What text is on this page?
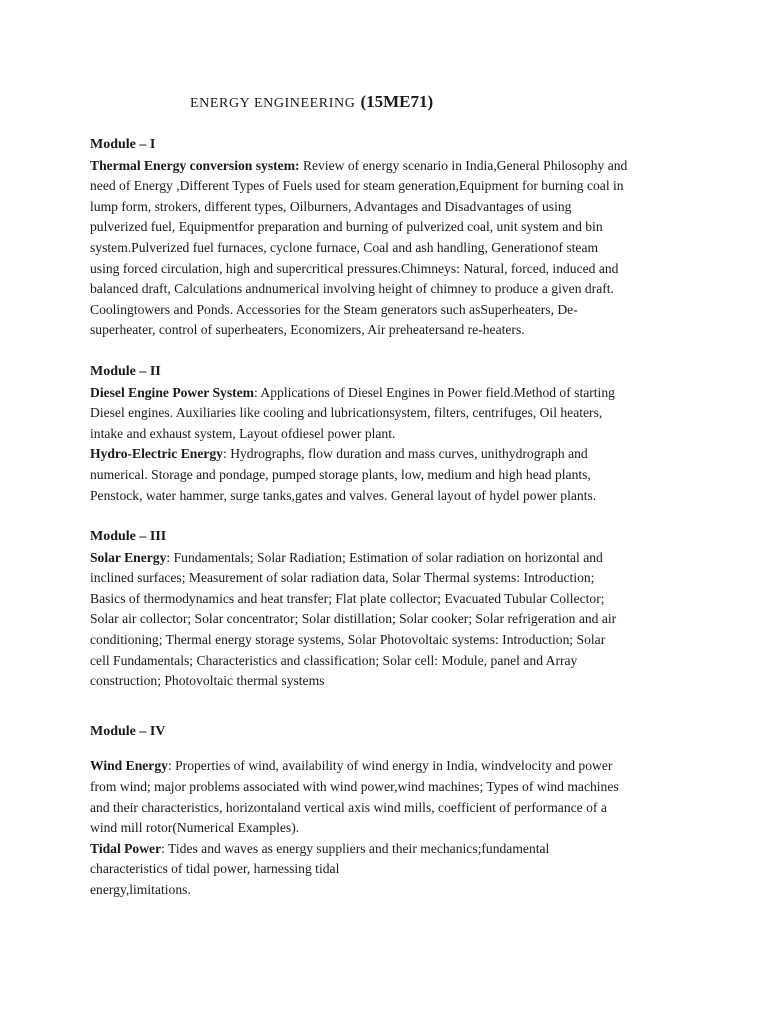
ENERGY ENGINEERING (15ME71)

Module – I

Thermal Energy conversion system: Review of energy scenario in India,General Philosophy and
need of Energy ,Different Types of Fuels used for steam generation,Equipment for burning coal in
lump form, strokers, different types, Oilburners, Advantages and Disadvantages of using
pulverized fuel, Equipmentfor preparation and burning of pulverized coal, unit system and bin
system.Pulverized fuel furnaces, cyclone furnace, Coal and ash handling, Generationof steam
using forced circulation, high and supercritical pressures.Chimneys: Natural, forced, induced and
balanced draft, Calculations andnumerical involving height of chimney to produce a given draft.
Coolingtowers and Ponds. Accessories for the Steam generators such asSuperheaters, De-
superheater, control of superheaters, Economizers, Air preheatersand re-heaters.

Module – II

Diesel Engine Power System: Applications of Diesel Engines in Power field.Method of starting
Diesel engines. Auxiliaries like cooling and lubricationsystem, filters, centrifuges, Oil heaters,
intake and exhaust system, Layout ofdiesel power plant.
Hydro-Electric Energy: Hydrographs, flow duration and mass curves, unithydrograph and
numerical. Storage and pondage, pumped storage plants, low, medium and high head plants,
Penstock, water hammer, surge tanks,gates and valves. General layout of hydel power plants.

Module – III

Solar Energy: Fundamentals; Solar Radiation; Estimation of solar radiation on horizontal and
inclined surfaces; Measurement of solar radiation data, Solar Thermal systems: Introduction;
Basics of thermodynamics and heat transfer; Flat plate collector; Evacuated Tubular Collector;
Solar air collector; Solar concentrator; Solar distillation; Solar cooker; Solar refrigeration and air
conditioning; Thermal energy storage systems, Solar Photovoltaic systems: Introduction; Solar
cell Fundamentals; Characteristics and classification; Solar cell: Module, panel and Array
construction; Photovoltaic thermal systems

Module – IV

Wind Energy: Properties of wind, availability of wind energy in India, windvelocity and power
from wind; major problems associated with wind power,wind machines; Types of wind machines
and their characteristics, horizontaland vertical axis wind mills, coefficient of performance of a
wind mill rotor(Numerical Examples).
Tidal Power: Tides and waves as energy suppliers and their mechanics;fundamental
characteristics of tidal power, harnessing tidal
energy,limitations.
